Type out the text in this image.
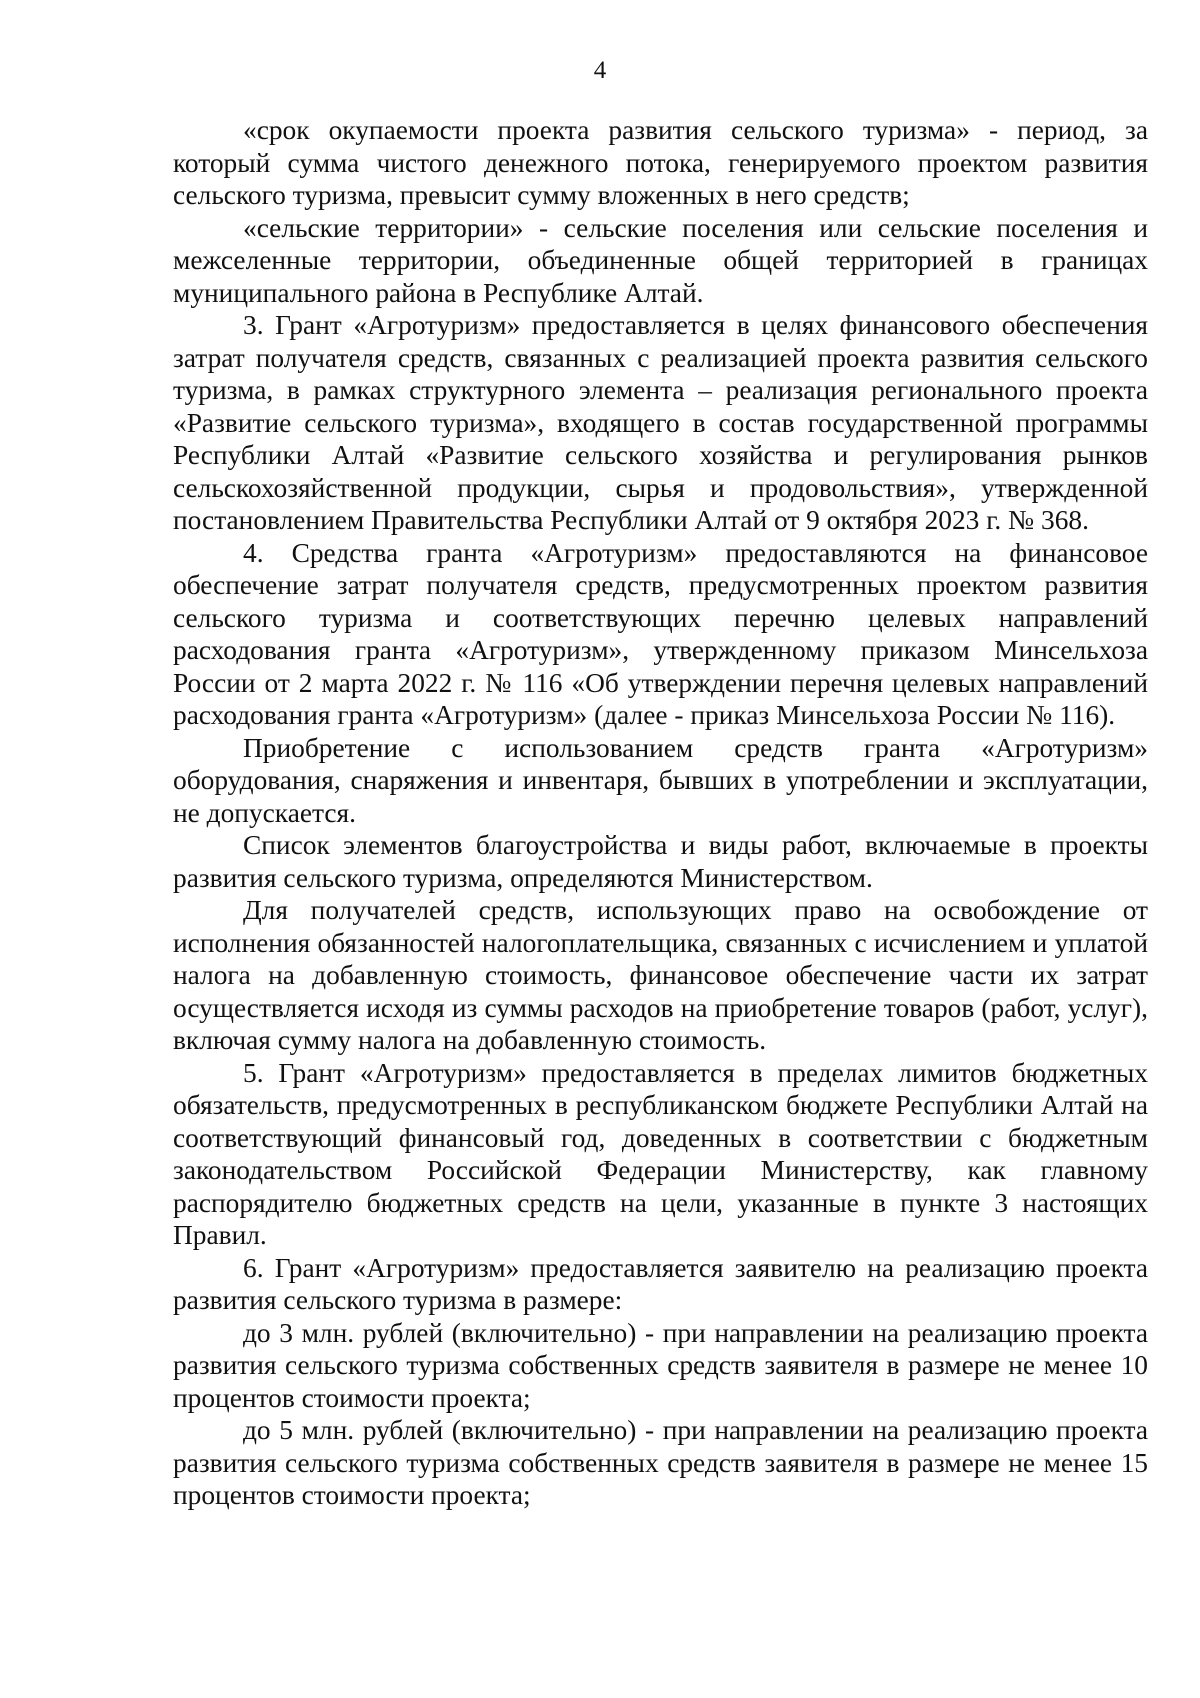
4

«срок окупаемости проекта развития сельского туризма» - период, за который сумма чистого денежного потока, генерируемого проектом развития сельского туризма, превысит сумму вложенных в него средств;

«сельские территории» - сельские поселения или сельские поселения и межселенные территории, объединенные общей территорией в границах муниципального района в Республике Алтай.

3. Грант «Агротуризм» предоставляется в целях финансового обеспечения затрат получателя средств, связанных с реализацией проекта развития сельского туризма, в рамках структурного элемента – реализация регионального проекта «Развитие сельского туризма», входящего в состав государственной программы Республики Алтай «Развитие сельского хозяйства и регулирования рынков сельскохозяйственной продукции, сырья и продовольствия», утвержденной постановлением Правительства Республики Алтай от 9 октября 2023 г. № 368.

4. Средства гранта «Агротуризм» предоставляются на финансовое обеспечение затрат получателя средств, предусмотренных проектом развития сельского туризма и соответствующих перечню целевых направлений расходования гранта «Агротуризм», утвержденному приказом Минсельхоза России от 2 марта 2022 г. № 116 «Об утверждении перечня целевых направлений расходования гранта «Агротуризм» (далее - приказ Минсельхоза России № 116).

Приобретение с использованием средств гранта «Агротуризм» оборудования, снаряжения и инвентаря, бывших в употреблении и эксплуатации, не допускается.

Список элементов благоустройства и виды работ, включаемые в проекты развития сельского туризма, определяются Министерством.

Для получателей средств, использующих право на освобождение от исполнения обязанностей налогоплательщика, связанных с исчислением и уплатой налога на добавленную стоимость, финансовое обеспечение части их затрат осуществляется исходя из суммы расходов на приобретение товаров (работ, услуг), включая сумму налога на добавленную стоимость.

5. Грант «Агротуризм» предоставляется в пределах лимитов бюджетных обязательств, предусмотренных в республиканском бюджете Республики Алтай на соответствующий финансовый год, доведенных в соответствии с бюджетным законодательством Российской Федерации Министерству, как главному распорядителю бюджетных средств на цели, указанные в пункте 3 настоящих Правил.

6. Грант «Агротуризм» предоставляется заявителю на реализацию проекта развития сельского туризма в размере:

до 3 млн. рублей (включительно) - при направлении на реализацию проекта развития сельского туризма собственных средств заявителя в размере не менее 10 процентов стоимости проекта;

до 5 млн. рублей (включительно) - при направлении на реализацию проекта развития сельского туризма собственных средств заявителя в размере не менее 15 процентов стоимости проекта;
